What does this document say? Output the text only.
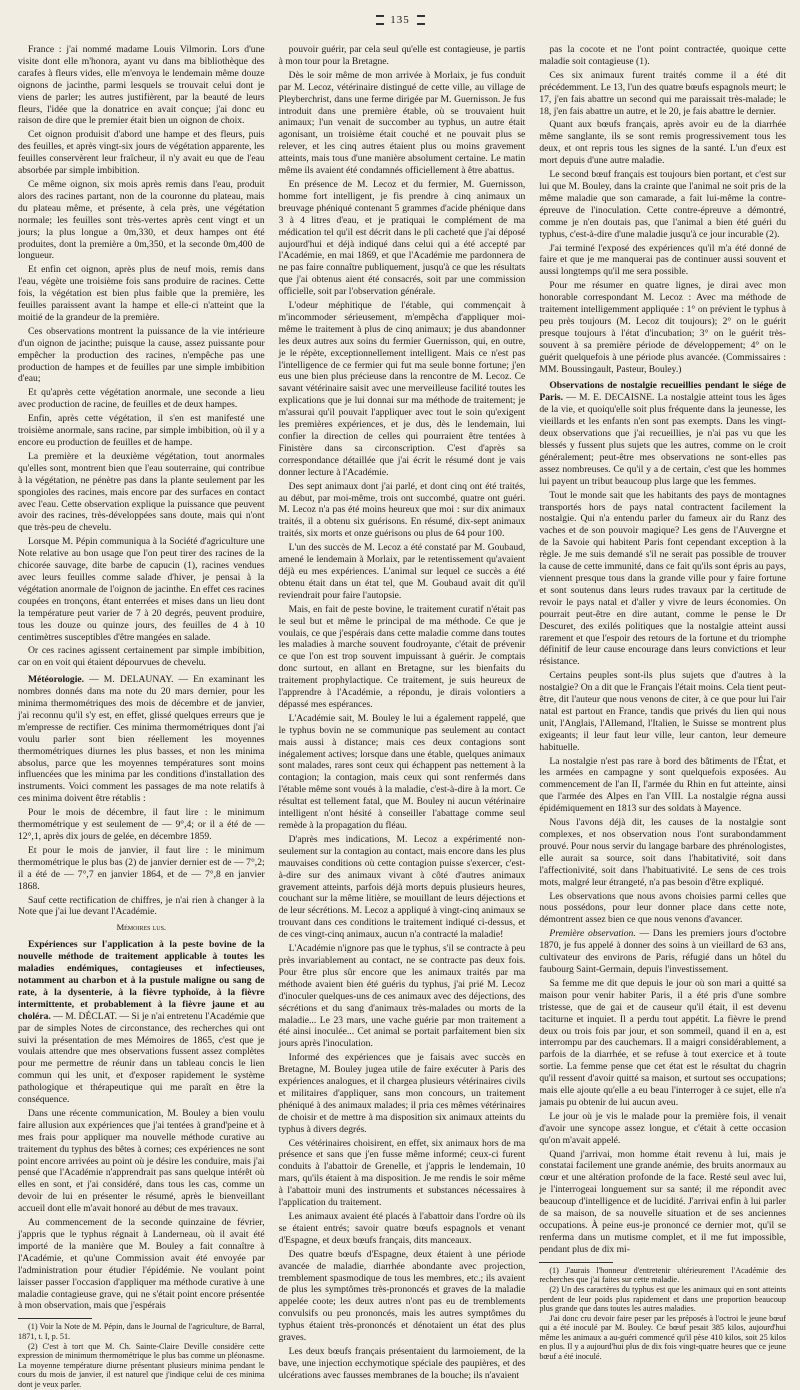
135

France : j'ai nommé madame Louis Vilmorin. Lors d'une visite dont elle m'honora, ayant vu dans ma bibliothèque des carafes à fleurs vides, elle m'envoya le lendemain même douze oignons de jacinthe, parmi lesquels se trouvait celui dont je viens de parler; les autres justifièrent, par la beauté de leurs fleurs, l'idée que la donatrice en avait conçue; j'ai donc eu raison de dire que le premier était bien un oignon de choix.

Cet oignon produisit d'abord une hampe et des fleurs, puis des feuilles, et après vingt-six jours de végétation apparente, les feuilles conservèrent leur fraîcheur, il n'y avait eu que de l'eau absorbée par simple imbibition.

Ce même oignon, six mois après remis dans l'eau, produit alors des racines partant, non de la couronne du plateau, mais du plateau même, et présente, à cela près, une végétation normale; les feuilles sont très-vertes après cent vingt et un jours; la plus longue a 0m,330, et deux hampes ont été produites, dont la première a 0m,350, et la seconde 0m,400 de longueur.

Et enfin cet oignon, après plus de neuf mois, remis dans l'eau, végète une troisième fois sans produire de racines. Cette fois, la végétation est bien plus faible que la première, les feuilles paraissent avant la hampe et elle-ci n'atteint que la moitié de la grandeur de la première.

Ces observations montrent la puissance de la vie intérieure d'un oignon de jacinthe; puisque la cause, assez puissante pour empêcher la production des racines, n'empêche pas une production de hampes et de feuilles par une simple imbibition d'eau;

Et qu'après cette végétation anormale, une seconde a lieu avec production de racine, de feuilles et de deux hampes.

Enfin, après cette végétation, il s'en est manifesté une troisième anormale, sans racine, par simple imbibition, où il y a encore eu production de feuilles et de hampe.

La première et la deuxième végétation, tout anormales qu'elles sont, montrent bien que l'eau souterraine, qui contribue à la végétation, ne pénètre pas dans la plante seulement par les spongioles des racines, mais encore par des surfaces en contact avec l'eau. Cette observation explique la puissance que peuvent avoir des racines, très-développées sans doute, mais qui n'ont que très-peu de chevelu.

Lorsque M. Pépin communiqua à la Société d'agriculture une Note relative au bon usage que l'on peut tirer des racines de la chicorée sauvage, dite barbe de capucin (1), racines vendues avec leurs feuilles comme salade d'hiver, je pensai à la végétation anormale de l'oignon de jacinthe. En effet ces racines coupées en tronçons, étant enterrées et mises dans un lieu dont la température peut varier de 7 à 20 degrés, peuvent produire, tous les douze ou quinze jours, des feuilles de 4 à 10 centimètres susceptibles d'être mangées en salade.

Or ces racines agissent certainement par simple imbibition, car on en voit qui étaient dépourvues de chevelu.

Météorologie. — M. DELAUNAY. — En examinant les nombres donnés dans ma note du 20 mars dernier, pour les minima thermométriques des mois de décembre et de janvier, j'ai reconnu qu'il s'y est, en effet, glissé quelques erreurs que je m'empresse de rectifier. Ces minima thermométriques dont j'ai voulu parler sont bien réellement les moyennes thermométriques diurnes les plus basses, et non les minima absolus, parce que les moyennes températures sont moins influencées que les minima par les conditions d'installation des instruments. Voici comment les passages de ma note relatifs à ces minima doivent être rétablis :

Pour le mois de décembre, il faut lire : le minimum thermométrique y est seulement de — 9°,4; or il a été de — 12°,1, après dix jours de gelée, en décembre 1859.

Et pour le mois de janvier, il faut lire : le minimum thermométrique le plus bas (2) de janvier dernier est de — 7°,2; il a été de — 7°,7 en janvier 1864, et de — 7°,8 en janvier 1868.

Sauf cette rectification de chiffres, je n'ai rien à changer à la Note que j'ai lue devant l'Académie.

Mémoires lus.

Expériences sur l'application à la peste bovine de la nouvelle méthode de traitement applicable à toutes les maladies endémiques, contagieuses et infectieuses, notamment au charbon et à la pustule maligne ou sang de rate, à la dysenterie, à la fièvre typhoïde, à la fièvre intermittente, et probablement à la fièvre jaune et au choléra. — M. DÉCLAT. — Si je n'ai entretenu l'Académie que par de simples Notes de circonstance, des recherches qui ont suivi la présentation de mes Mémoires de 1865, c'est que je voulais attendre que mes observations fussent assez complètes pour me permettre de réunir dans un tableau concis le lien commun qui les unit, et d'exposer rapidement le système pathologique et thérapeutique qui me paraît en être la conséquence.

Dans une récente communication, M. Bouley a bien voulu faire allusion aux expériences que j'ai tentées à grand'peine et à mes frais pour appliquer ma nouvelle méthode curative au traitement du typhus des bêtes à cornes; ces expériences ne sont point encore arrivées au point où je désire les conduire, mais j'ai pensé que l'Académie n'apprendrait pas sans quelque intérêt où elles en sont, et j'ai considéré, dans tous les cas, comme un devoir de lui en présenter le résumé, après le bienveillant accueil dont elle m'avait honoré au début de mes travaux.

Au commencement de la seconde quinzaine de février, j'appris que le typhus régnait à Landerneau, où il avait été importé de la manière que M. Bouley a fait connaître à l'Académie, et qu'une Commission avait été envoyée par l'administration pour étudier l'épidémie. Ne voulant point laisser passer l'occasion d'appliquer ma méthode curative à une maladie contagieuse grave, qui ne s'était point encore présentée à mon observation, mais que j'espérais

(1) Voir la Note de M. Pépin, dans le Journal de l'agriculture, de Barral, 1871, t. I, p. 51.

(2) C'est à tort que M. Ch. Sainte-Claire Deville considère cette expression de minimum thermométrique le plus bas comme un pléonasme. La moyenne température diurne présentant plusieurs minima pendant le cours du mois de janvier, il est naturel que j'indique celui de ces minima dont je veux parler.

pouvoir guérir, par cela seul qu'elle est contagieuse, je partis à mon tour pour la Bretagne.

Dès le soir même de mon arrivée à Morlaix, je fus conduit par M. Lecoz, vétérinaire distingué de cette ville, au village de Pleyberchrist, dans une ferme dirigée par M. Guernisson. Je fus introduit dans une première étable, où se trouvaient huit animaux; l'un venait de succomber au typhus, un autre était agonisant, un troisième était couché et ne pouvait plus se relever, et les cinq autres étaient plus ou moins gravement atteints, mais tous d'une manière absolument certaine. Le matin même ils avaient été condamnés officiellement à être abattus.

En présence de M. Lecoz et du fermier, M. Guernisson, homme fort intelligent, je fis prendre à cinq animaux un breuvage phéniqué contenant 5 grammes d'acide phénique dans 3 à 4 litres d'eau, et je pratiquai le complément de ma médication tel qu'il est décrit dans le pli cacheté que j'ai déposé aujourd'hui et déjà indiqué dans celui qui a été accepté par l'Académie, en mai 1869, et que l'Académie me pardonnera de ne pas faire connaître publiquement, jusqu'à ce que les résultats que j'ai obtenus aient été consacrés, soit par une commission officielle, soit par l'observation générale.

L'odeur méphitique de l'étable, qui commençait à m'incommoder sérieusement, m'empêcha d'appliquer moi-même le traitement à plus de cinq animaux; je dus abandonner les deux autres aux soins du fermier Guernisson, qui, en outre, je le répète, exceptionnellement intelligent. Mais ce n'est pas l'intelligence de ce fermier qui fut ma seule bonne fortune; j'en eus une bien plus précieuse dans la rencontre de M. Lecoz. Ce savant vétérinaire saisit avec une merveilleuse facilité toutes les explications que je lui donnai sur ma méthode de traitement; je m'assurai qu'il pouvait l'appliquer avec tout le soin qu'exigent les premières expériences, et je dus, dès le lendemain, lui confier la direction de celles qui pourraient être tentées à Finistère dans sa circonscription. C'est d'après sa correspondance détaillée que j'ai écrit le résumé dont je vais donner lecture à l'Académie.

Des sept animaux dont j'ai parlé, et dont cinq ont été traités, au début, par moi-même, trois ont succombé, quatre ont guéri. M. Lecoz n'a pas été moins heureux que moi : sur dix animaux traités, il a obtenu six guérisons. En résumé, dix-sept animaux traités, six morts et onze guérisons ou plus de 64 pour 100.

L'un des succès de M. Lecoz a été constaté par M. Goubaud, amené le lendemain à Morlaix, par le retentissement qu'avaient déjà eu mes expériences. L'animal sur lequel ce succès a été obtenu était dans un état tel, que M. Goubaud avait dit qu'il reviendrait pour faire l'autopsie.

Mais, en fait de peste bovine, le traitement curatif n'était pas le seul but et même le principal de ma méthode. Ce que je voulais, ce que j'espérais dans cette maladie comme dans toutes les maladies à marche souvent foudroyante, c'était de prévenir ce que l'on est trop souvent impuissant à guérir. Je comptais donc surtout, en allant en Bretagne, sur les bienfaits du traitement prophylactique. Ce traitement, je suis heureux de l'apprendre à l'Académie, a répondu, je dirais volontiers a dépassé mes espérances.

L'Académie sait, M. Bouley le lui a également rappelé, que le typhus bovin ne se communique pas seulement au contact mais aussi à distance; mais ces deux contagions sont inégalement actives; lorsque dans une étable, quelques animaux sont malades, rares sont ceux qui échappent pas nettement à la contagion; la contagion, mais ceux qui sont renfermés dans l'étable même sont voués à la maladie, c'est-à-dire à la mort. Ce résultat est tellement fatal, que M. Bouley ni aucun vétérinaire intelligent n'ont hésité à conseiller l'abattage comme seul remède à la propagation du fléau.

D'après mes indications, M. Lecoz a expérimenté non-seulement sur la contagion au contact, mais encore dans les plus mauvaises conditions où cette contagion puisse s'exercer, c'est-à-dire sur des animaux vivant à côté d'autres animaux gravement atteints, parfois déjà morts depuis plusieurs heures, couchant sur la même litière, se mouillant de leurs déjections et de leur sécrétions. M. Lecoz a appliqué à vingt-cinq animaux se trouvant dans ces conditions le traitement indiqué ci-dessus, et de ces vingt-cinq animaux, aucun n'a contracté la maladie!

L'Académie n'ignore pas que le typhus, s'il se contracte à peu près invariablement au contact, ne se contracte pas deux fois. Pour être plus sûr encore que les animaux traités par ma méthode avaient bien été guéris du typhus, j'ai prié M. Lecoz d'inoculer quelques-uns de ces animaux avec des déjections, des sécrétions et du sang d'animaux très-malades ou morts de la maladie... Le 23 mars, une vache guérie par mon traitement a été ainsi inoculée... Cet animal se portait parfaitement bien six jours après l'inoculation.

Informé des expériences que je faisais avec succès en Bretagne, M. Bouley jugea utile de faire exécuter à Paris des expériences analogues, et il chargea plusieurs vétérinaires civils et militaires d'appliquer, sans mon concours, un traitement phéniqué à des animaux malades; il pria ces mêmes vétérinaires de choisir et de mettre à ma disposition six animaux atteints du typhus à divers degrés.

Ces vétérinaires choisirent, en effet, six animaux hors de ma présence et sans que j'en fusse même informé; ceux-ci furent conduits à l'abattoir de Grenelle, et j'appris le lendemain, 10 mars, qu'ils étaient à ma disposition. Je me rendis le soir même à l'abattoir muni des instruments et substances nécessaires à l'application du traitement.

Les animaux avaient été placés à l'abattoir dans l'ordre où ils se étaient entrés; savoir quatre bœufs espagnols et venant d'Espagne, et deux bœufs français, dits manceaux.

Des quatre bœufs d'Espagne, deux étaient à une période avancée de maladie, diarrhée abondante avec projection, tremblement spasmodique de tous les membres, etc.; ils avaient de plus les symptômes très-prononcés et graves de la maladie appelée coote; les deux autres n'ont pas eu de tremblements convulsifs ou peu prononcés, mais les autres symptômes du typhus étaient très-prononcés et dénotaient un état des plus graves.

Les deux bœufs français présentaient du larmoiement, de la bave, une injection ecchymotique spéciale des paupières, et des ulcérations avec fausses membranes de la bouche; ils n'avaient

pas la cocote et ne l'ont point contractée, quoique cette maladie soit contagieuse (1).

Ces six animaux furent traités comme il a été dit précédemment. Le 13, l'un des quatre bœufs espagnols meurt; le 17, j'en fais abattre un second qui me paraissait très-malade; le 18, j'en fais abattre un autre, et le 20, je fais abattre le dernier.

Quant aux bœufs français, après avoir eu de la diarrhée même sanglante, ils se sont remis progressivement tous les deux, et ont repris tous les signes de la santé. L'un d'eux est mort depuis d'une autre maladie.

Le second bœuf français est toujours bien portant, et c'est sur lui que M. Bouley, dans la crainte que l'animal ne soit pris de la même maladie que son camarade, a fait lui-même la contre-épreuve de l'inoculation. Cette contre-épreuve a démontré, comme je n'en doutais pas, que l'animal a bien été guéri du typhus, c'est-à-dire d'une maladie jusqu'à ce jour incurable (2).

J'ai terminé l'exposé des expériences qu'il m'a été donné de faire et que je me manquerai pas de continuer aussi souvent et aussi longtemps qu'il me sera possible.

Pour me résumer en quatre lignes, je dirai avec mon honorable correspondant M. Lecoz : Avec ma méthode de traitement intelligemment appliquée : 1° on prévient le typhus à peu près toujours (M. Lecoz dit toujours); 2° on le guérit presque toujours à l'état d'incubation; 3° on le guérit très-souvent à sa première période de développement; 4° on le guérit quelquefois à une période plus avancée. (Commissaires : MM. Boussingault, Pasteur, Bouley.)

Observations de nostalgie recueillies pendant le siége de Paris. — M. E. DECAISNE. La nostalgie atteint tous les âges de la vie, et quoiqu'elle soit plus fréquente dans la jeunesse, les vieillards et les enfants n'en sont pas exempts. Dans les vingt-deux observations que j'ai recueillies, je n'ai pas vu que les blessés y fussent plus sujets que les autres, comme on le croit généralement; peut-être mes observations ne sont-elles pas assez nombreuses. Ce qu'il y a de certain, c'est que les hommes lui payent un tribut beaucoup plus large que les femmes.

Tout le monde sait que les habitants des pays de montagnes transportés hors de pays natal contractent facilement la nostalgie. Qui n'a entendu parler du fameux air du Ranz des vaches et de son pouvoir magique? Les gens de l'Auvergne et de la Savoie qui habitent Paris font cependant exception à la règle. Je me suis demandé s'il ne serait pas possible de trouver la cause de cette immunité, dans ce fait qu'ils sont épris au pays, viennent presque tous dans la grande ville pour y faire fortune et sont soutenus dans leurs rudes travaux par la certitude de revoir le pays natal et d'aller y vivre de leurs économies. On pourrait peut-être en dire autant, comme le pense le Dr Descuret, des exilés politiques que la nostalgie atteint aussi rarement et que l'espoir des retours de la fortune et du triomphe définitif de leur cause encourage dans leurs convictions et leur résistance.

Certains peuples sont-ils plus sujets que d'autres à la nostalgie? On a dit que le Français l'était moins. Cela tient peut-être, dit l'auteur que nous venons de citer, à ce que pour lui l'air natal est partout en France, tandis que privés du lien qui nous unit, l'Anglais, l'Allemand, l'Italien, le Suisse se montrent plus exigeants; il leur faut leur ville, leur canton, leur demeure habituelle.

La nostalgie n'est pas rare à bord des bâtiments de l'État, et les armées en campagne y sont quelquefois exposées. Au commencement de l'an II, l'armée du Rhin en fut atteinte, ainsi que l'armée des Alpes en l'an VIII. La nostalgie régna aussi épidémiquement en 1813 sur des soldats à Mayence.

Nous l'avons déjà dit, les causes de la nostalgie sont complexes, et nos observation nous l'ont surabondamment prouvé. Pour nous servir du langage barbare des phrénologistes, elle aurait sa source, soit dans l'habitativité, soit dans l'affectionivité, soit dans l'habituativité. Le sens de ces trois mots, malgré leur étrangeté, n'a pas besoin d'être expliqué.

Les observations que nous avons choisies parmi celles que nous possédons, pour leur donner place dans cette note, démontrent assez bien ce que nous venons d'avancer.

Première observation. — Dans les premiers jours d'octobre 1870, je fus appelé à donner des soins à un vieillard de 63 ans, cultivateur des environs de Paris, réfugié dans un hôtel du faubourg Saint-Germain, depuis l'investissement.

Sa femme me dit que depuis le jour où son mari a quitté sa maison pour venir habiter Paris, il a été pris d'une sombre tristesse, que de gai et de causeur qu'il était, il est devenu taciturne et inquiet. Il a perdu tout appétit. La fièvre le prend deux ou trois fois par jour, et son sommeil, quand il en a, est interrompu par des cauchemars. Il a maigri considérablement, a parfois de la diarrhée, et se refuse à tout exercice et à toute sortie. La femme pense que cet état est le résultat du chagrin qu'il ressent d'avoir quitté sa maison, et surtout ses occupations; mais elle ajoute qu'elle a eu beau l'interroger à ce sujet, elle n'a jamais pu obtenir de lui aucun aveu.

Le jour où je vis le malade pour la première fois, il venait d'avoir une syncope assez longue, et c'était à cette occasion qu'on m'avait appelé.

Quand j'arrivai, mon homme était revenu à lui, mais je constatai facilement une grande anémie, des bruits anormaux au cœur et une altération profonde de la face. Resté seul avec lui, je l'interrogeai longuement sur sa santé; il me répondit avec beaucoup d'intelligence et de lucidité. J'arrivai enfin à lui parler de sa maison, de sa nouvelle situation et de ses anciennes occupations. À peine eus-je prononcé ce dernier mot, qu'il se renferma dans un mutisme complet, et il me fut impossible, pendant plus de dix mi-

(1) J'aurais l'honneur d'entretenir ultérieurement l'Académie des recherches que j'ai faites sur cette maladie.

(2) Un des caractères du typhus est que les animaux qui en sont atteints perdent de leur poids plus rapidement et dans une proportion beaucoup plus grande que dans toutes les autres maladies.

J'ai donc cru devoir faire peser par les préposés à l'octroi le jeune bœuf qui a été inoculé par M. Bouley. Ce bœuf pesait 385 kilos, aujourd'hui même les animaux a au-guéri commencé qu'il pèse 410 kilos, soit 25 kilos en plus. Il y a aujourd'hui plus de dix fois vingt-quatre heures que ce jeune bœuf a été inoculé.
